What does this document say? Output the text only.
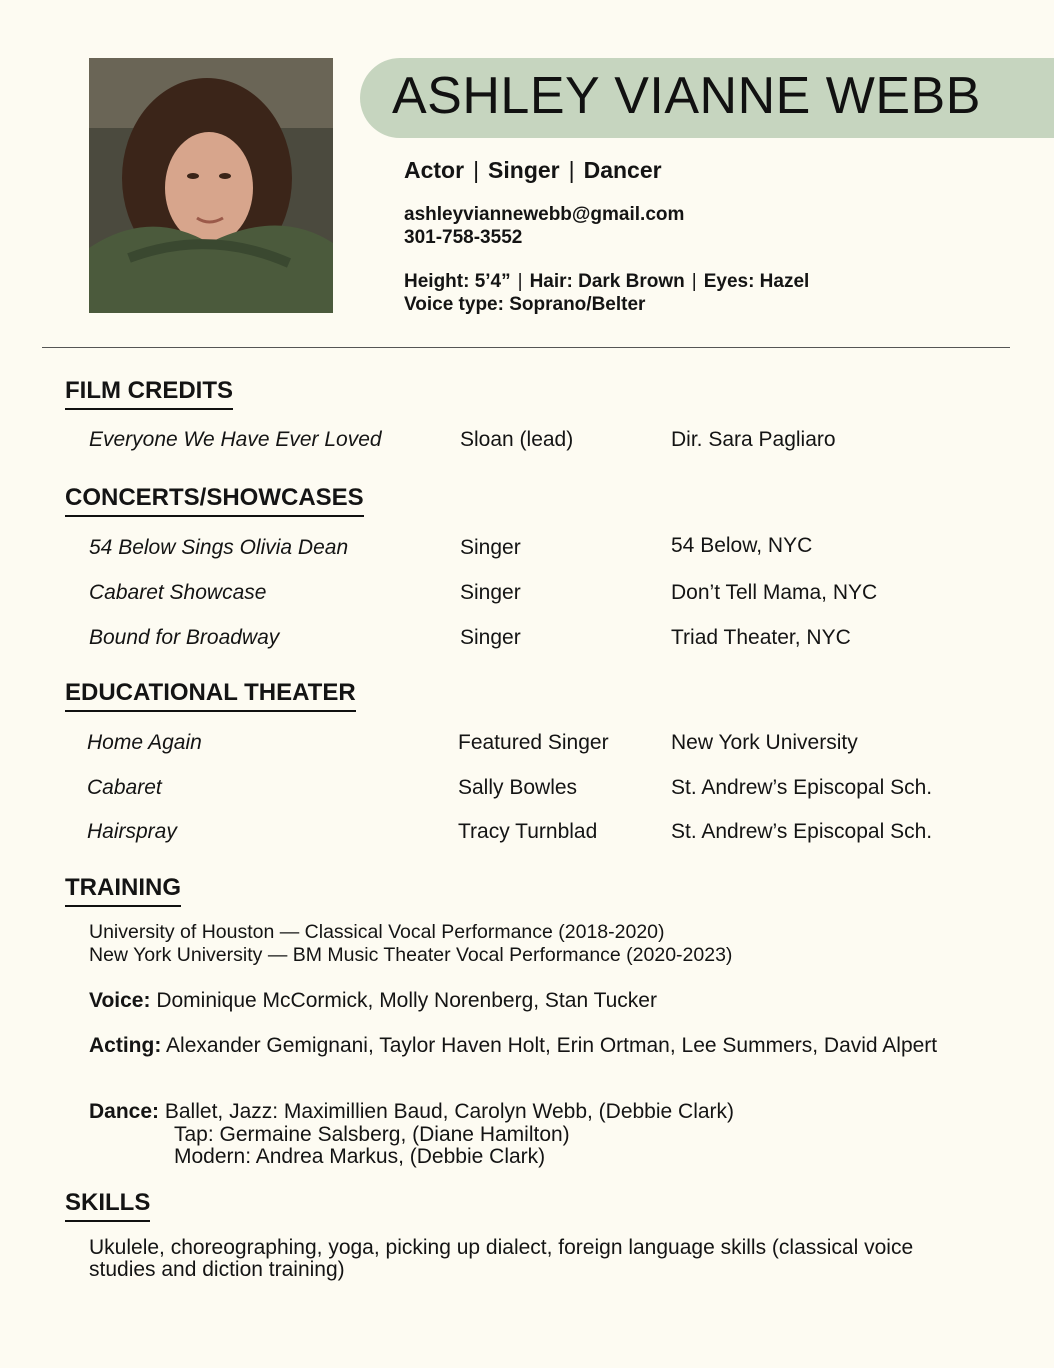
ASHLEY VIANNE WEBB
Actor | Singer | Dancer
ashleyviannewebb@gmail.com
301-758-3552
Height: 5’4” | Hair: Dark Brown | Eyes: Hazel
Voice type: Soprano/Belter
FILM CREDITS
Everyone We Have Ever Loved	Sloan (lead)	Dir. Sara Pagliaro
CONCERTS/SHOWCASES
54 Below Sings Olivia Dean	Singer	54 Below, NYC
Cabaret Showcase	Singer	Don’t Tell Mama, NYC
Bound for Broadway	Singer	Triad Theater, NYC
EDUCATIONAL THEATER
Home Again	Featured Singer	New York University
Cabaret	Sally Bowles	St. Andrew’s Episcopal Sch.
Hairspray	Tracy Turnblad	St. Andrew’s Episcopal Sch.
TRAINING
University of Houston — Classical Vocal Performance (2018-2020)
New York University — BM Music Theater Vocal Performance (2020-2023)
Voice: Dominique McCormick, Molly Norenberg, Stan Tucker
Acting: Alexander Gemignani, Taylor Haven Holt, Erin Ortman, Lee Summers, David Alpert
Dance: Ballet, Jazz: Maximillien Baud, Carolyn Webb, (Debbie Clark)
Tap: Germaine Salsberg, (Diane Hamilton)
Modern: Andrea Markus, (Debbie Clark)
SKILLS
Ukulele, choreographing, yoga, picking up dialect, foreign language skills (classical voice studies and diction training)
